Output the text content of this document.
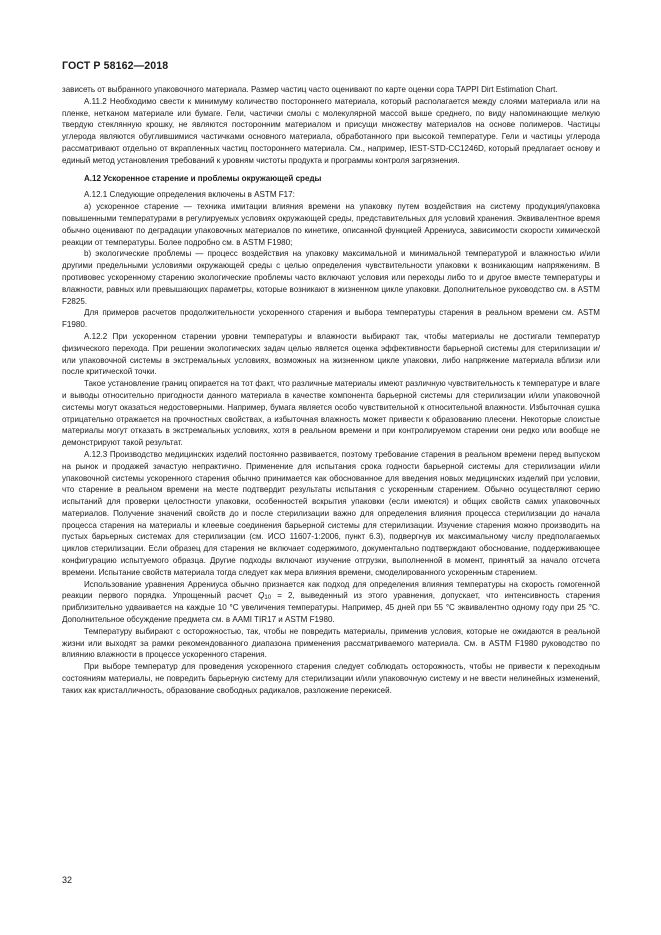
ГОСТ Р 58162—2018

зависеть от выбранного упаковочного материала. Размер частиц часто оценивают по карте оценки сора TAPPI Dirt Estimation Chart.

А.11.2 Необходимо свести к минимуму количество постороннего материала, который располагается между слоями материала или на пленке, нетканом материале или бумаге. Гели, частички смолы с молекулярной массой выше среднего, по виду напоминающие мелкую твердую стеклянную крошку, не являются посторонним материалом и присущи множеству материалов на основе полимеров. Частицы углерода являются обуглившимися частичками основного материала, обработанного при высокой температуре. Гели и частицы углерода рассматривают отдельно от вкрапленных частиц постороннего материала. См., например, IEST-STD-CC1246D, который предлагает основу и единый метод установления требований к уровням чистоты продукта и программы контроля загрязнения.

А.12 Ускоренное старение и проблемы окружающей среды

А.12.1 Следующие определения включены в ASTM F17:

а) ускоренное старение — техника имитации влияния времени на упаковку путем воздействия на систему продукция/упаковка повышенными температурами в регулируемых условиях окружающей среды, представительных для условий хранения. Эквивалентное время обычно оценивают по деградации упаковочных материалов по кинетике, описанной функцией Аррениуса, зависимости скорости химической реакции от температуры. Более подробно см. в ASTM F1980;

b) экологические проблемы — процесс воздействия на упаковку максимальной и минимальной температурой и влажностью и/или другими предельными условиями окружающей среды с целью определения чувствительности упаковки к возникающим напряжениям. В противовес ускоренному старению экологические проблемы часто включают условия или переходы либо то и другое вместе температуры и влажности, равных или превышающих параметры, которые возникают в жизненном цикле упаковки. Дополнительное руководство см. в ASTM F2825.

Для примеров расчетов продолжительности ускоренного старения и выбора температуры старения в реальном времени см. ASTM F1980.

А.12.2 При ускоренном старении уровни температуры и влажности выбирают так, чтобы материалы не достигали температур физического перехода. При решении экологических задач целью является оценка эффективности барьерной системы для стерилизации и/или упаковочной системы в экстремальных условиях, возможных на жизненном цикле упаковки, либо напряжение материала вблизи или после критической точки.

Такое установление границ опирается на тот факт, что различные материалы имеют различную чувствительность к температуре и влаге и выводы относительно пригодности данного материала в качестве компонента барьерной системы для стерилизации и/или упаковочной системы могут оказаться недостоверными. Например, бумага является особо чувствительной к относительной влажности. Избыточная сушка отрицательно отражается на прочностных свойствах, а избыточная влажность может привести к образованию плесени. Некоторые слоистые материалы могут отказать в экстремальных условиях, хотя в реальном времени и при контролируемом старении они редко или вообще не демонстрируют такой результат.

А.12.3 Производство медицинских изделий постоянно развивается, поэтому требование старения в реальном времени перед выпуском на рынок и продажей зачастую непрактично. Применение для испытания срока годности барьерной системы для стерилизации и/или упаковочной системы ускоренного старения обычно принимается как обоснованное для введения новых медицинских изделий при условии, что старение в реальном времени на месте подтвердит результаты испытания с ускоренным старением. Обычно осуществляют серию испытаний для проверки целостности упаковки, особенностей вскрытия упаковки (если имеются) и общих свойств самих упаковочных материалов. Получение значений свойств до и после стерилизации важно для определения влияния процесса стерилизации до начала процесса старения на материалы и клеевые соединения барьерной системы для стерилизации. Изучение старения можно производить на пустых барьерных системах для стерилизации (см. ИСО 11607-1:2006, пункт 6.3), подвергнув их максимальному числу предполагаемых циклов стерилизации. Если образец для старения не включает содержимого, документально подтверждают обоснование, поддерживающее конфигурацию испытуемого образца. Другие подходы включают изучение отгрузки, выполненной в момент, принятый за начало отсчета времени. Испытание свойств материала тогда следует как мера влияния времени, смоделированного ускоренным старением.

Использование уравнения Аррениуса обычно признается как подход для определения влияния температуры на скорость гомогенной реакции первого порядка. Упрощенный расчет $Q_{10} = 2$, выведенный из этого уравнения, допускает, что интенсивность старения приблизительно удваивается на каждые 10 °С увеличения температуры. Например, 45 дней при 55 °С эквивалентно одному году при 25 °С. Дополнительное обсуждение предмета см. в AAMI TIR17 и ASTM F1980.

Температуру выбирают с осторожностью, так, чтобы не повредить материалы, применив условия, которые не ожидаются в реальной жизни или выходят за рамки рекомендованного диапазона применения рассматриваемого материала. См. в ASTM F1980 руководство по влиянию влажности в процессе ускоренного старения.

При выборе температур для проведения ускоренного старения следует соблюдать осторожность, чтобы не привести к переходным состояниям материалы, не повредить барьерную систему для стерилизации и/или упаковочную систему и не ввести нелинейных изменений, таких как кристалличность, образование свободных радикалов, разложение перекисей.

32
